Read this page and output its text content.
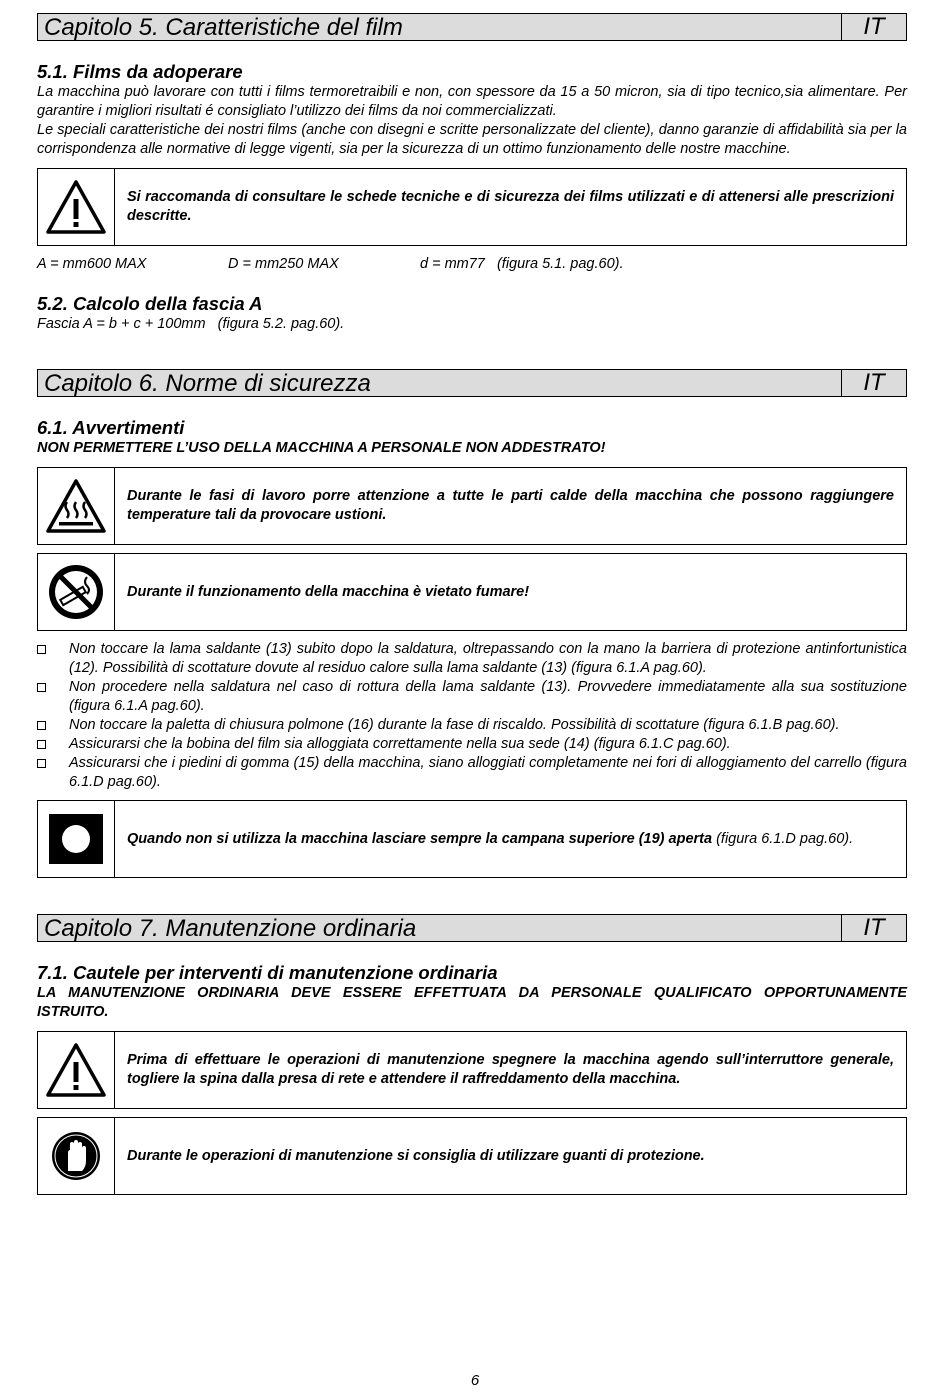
Capitolo 5. Caratteristiche del film	IT
5.1. Films da adoperare

La macchina può lavorare con tutti i films termoretraibili e non, con spessore da 15 a 50 micron, sia di tipo tecnico,sia alimentare. Per garantire i migliori risultati é consigliato l’utilizzo dei films da noi commercializzati.

Le speciali caratteristiche dei nostri films (anche con disegni e scritte personalizzate del cliente), danno garanzie di affidabilità sia per la corrispondenza alle normative di legge vigenti, sia per la sicurezza di un ottimo funzionamento delle nostre macchine.

Si raccomanda di consultare le schede tecniche e di sicurezza dei films utilizzati e di attenersi alle prescrizioni descritte.
A = mm600 MAX	D = mm250 MAX	d = mm77   (figura 5.1. pag.60).
5.2. Calcolo della fascia A

Fascia A = b + c + 100mm   (figura 5.2. pag.60).

Capitolo 6. Norme di sicurezza	IT
6.1. Avvertimenti

NON PERMETTERE L’USO DELLA MACCHINA A PERSONALE NON ADDESTRATO!

Durante le fasi di lavoro porre attenzione a tutte le parti calde della macchina che possono raggiungere temperature tali da provocare ustioni.
Durante il funzionamento della macchina è vietato fumare!
Non toccare la lama saldante (13) subito dopo la saldatura, oltrepassando con la mano la barriera di protezione antinfortunistica (12). Possibilità di scottature dovute al residuo calore sulla lama saldante (13) (figura 6.1.A pag.60).
Non procedere nella saldatura nel caso di rottura della lama saldante (13). Provvedere immediatamente alla sua sostituzione (figura 6.1.A pag.60).
Non toccare la paletta di chiusura polmone (16) durante la fase di riscaldo. Possibilità di scottature (figura 6.1.B pag.60).
Assicurarsi che la bobina del film sia alloggiata correttamente nella sua sede (14) (figura 6.1.C pag.60).
Assicurarsi che i piedini di gomma (15) della macchina, siano alloggiati completamente nei fori di alloggiamento del carrello (figura 6.1.D pag.60).
Quando non si utilizza la macchina lasciare sempre la campana superiore (19) aperta (figura 6.1.D pag.60).
Capitolo 7. Manutenzione ordinaria	IT
7.1. Cautele per interventi di manutenzione ordinaria

LA MANUTENZIONE ORDINARIA DEVE ESSERE EFFETTUATA DA PERSONALE QUALIFICATO OPPORTUNAMENTE ISTRUITO.

Prima di effettuare le operazioni di manutenzione spegnere la macchina agendo sull’interruttore generale, togliere la spina dalla presa di rete e attendere il raffreddamento della macchina.
Durante le operazioni di manutenzione si consiglia di utilizzare guanti di protezione.
6
